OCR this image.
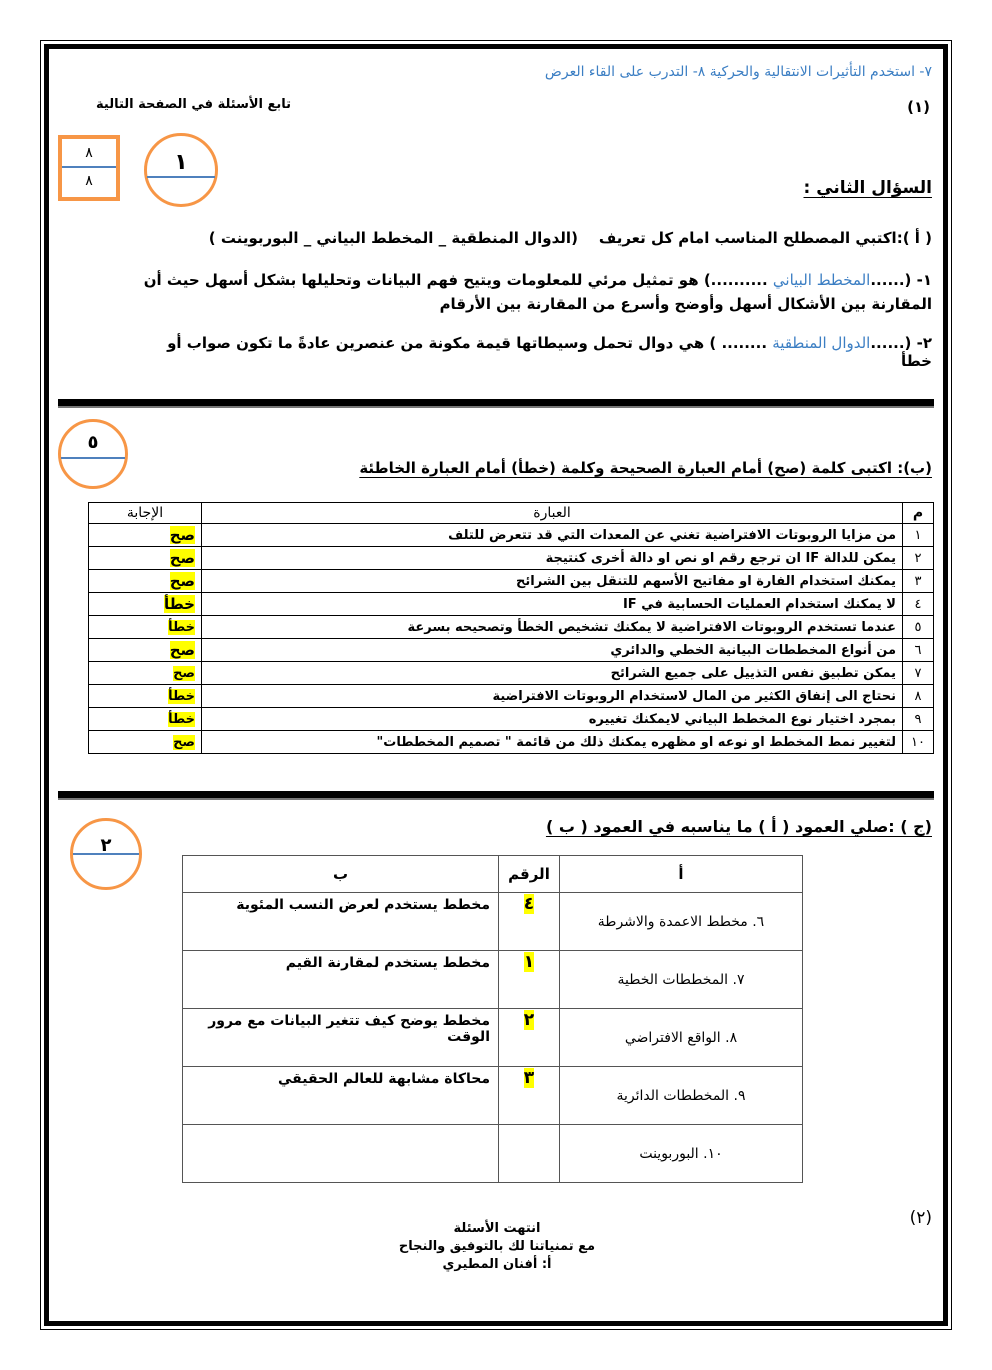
٧- استخدم التأثيرات الانتقالية والحركية ٨- التدرب على القاء العرض
(١)
تابع الأسئلة في الصفحة التالية
٨
٨
١
السؤال الثاني :
( أ ):اكتبي المصطلح المناسب امام كل تعريف    (الدوال المنطقية _ المخطط البياني _ البوربوينت )
١- (......المخطط البياني ..........) هو تمثيل مرئي للمعلومات ويتيح فهم البيانات وتحليلها بشكل أسهل حيث أن المقارنة بين الأشكال أسهل وأوضح وأسرع من المقارنة بين الأرقام
٢- (......الدوال المنطقية ........ ) هي دوال تحمل وسيطاتها قيمة مكونة من عنصرين عادةً ما تكون صواب أو خطأ
٥
(ب): اكتبى كلمة (صح) أمام العبارة الصحيحة وكلمة (خطأ) أمام العبارة الخاطئة
م	العبارة	الإجابة
١	من مزايا الروبوتات الافتراضية تغني عن المعدات التي قد تتعرض للتلف	صح
٢	يمكن للدالة IF ان ترجع رقم او نص او دالة أخرى كنتيجة	صح
٣	يمكنك استخدام الفارة او مفاتيح الأسهم للتنقل بين الشرائح	صح
٤	لا يمكنك استخدام العمليات الحسابية في IF	خطأ
٥	عندما تستخدم الروبوتات الافتراضية لا يمكنك تشخيص الخطأ وتصحيحه بسرعة	خطأ
٦	من أنواع المخططات البيانية الخطي والدائري	صح
٧	يمكن تطبيق نفس التذييل على جميع الشرائح	صح
٨	نحتاج الى إنفاق الكثير من المال لاستخدام الروبوتات الافتراضية	خطأ
٩	بمجرد اختيار نوع المخطط البياني لايمكنك تغييره	خطأ
١٠	لتغيير نمط المخطط او نوعه او مظهره يمكنك ذلك من قائمة " تصميم المخططات"	صح
٢
(ج ) :صلي العمود ( أ ) ما يناسبه في العمود ( ب )
أ	الرقم	ب
٦. مخطط الاعمدة والاشرطة	٤	مخطط يستخدم لعرض النسب المئوية
٧. المخططات الخطية	١	مخطط يستخدم لمقارنة القيم
٨. الواقع الافتراضي	٢	مخطط يوضح كيف تتغير البيانات مع مرور الوقت
٩. المخططات الدائرية	٣	محاكاة مشابهة للعالم الحقيقي
١٠. البوربوينت		
(٢)
انتهت الأسئلة
مع تمنياتنا لك بالتوفيق والنجاح
أ: أفنان المطيري
